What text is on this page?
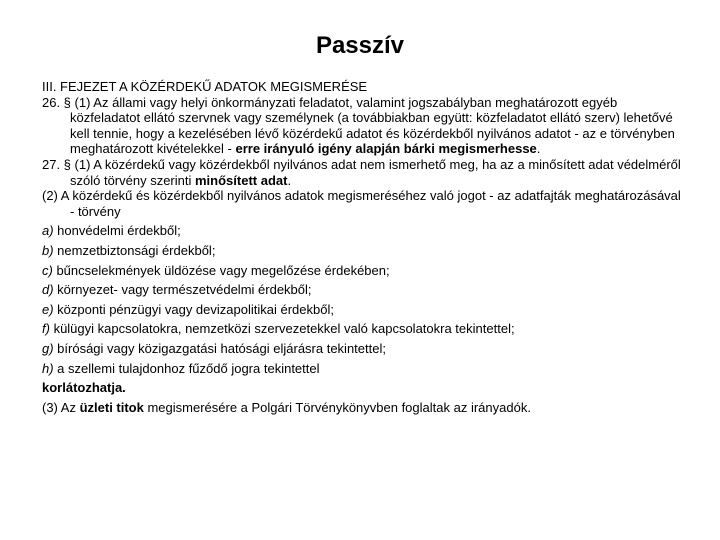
Passzív

III. FEJEZET A KÖZÉRDEKŰ ADATOK MEGISMERÉSE

26. § (1) Az állami vagy helyi önkormányzati feladatot, valamint jogszabályban meghatározott egyéb közfeladatot ellátó szervnek vagy személynek (a továbbiakban együtt: közfeladatot ellátó szerv) lehetővé kell tennie, hogy a kezelésében lévő közérdekű adatot és közérdekből nyilvános adatot - az e törvényben meghatározott kivételekkel - erre irányuló igény alapján bárki megismerhesse.

27. § (1) A közérdekű vagy közérdekből nyilvános adat nem ismerhető meg, ha az a minősített adat védelméről szóló törvény szerinti minősített adat.

(2) A közérdekű és közérdekből nyilvános adatok megismeréséhez való jogot - az adatfajták meghatározásával - törvény

a) honvédelmi érdekből;

b) nemzetbiztonsági érdekből;

c) bűncselekmények üldözése vagy megelőzése érdekében;

d) környezet- vagy természetvédelmi érdekből;

e) központi pénzügyi vagy devizapolitikai érdekből;

f) külügyi kapcsolatokra, nemzetközi szervezetekkel való kapcsolatokra tekintettel;

g) bírósági vagy közigazgatási hatósági eljárásra tekintettel;

h) a szellemi tulajdonhoz fűződő jogra tekintettel

korlátozhatja.

(3) Az üzleti titok megismerésére a Polgári Törvénykönyvben foglaltak az irányadók.
